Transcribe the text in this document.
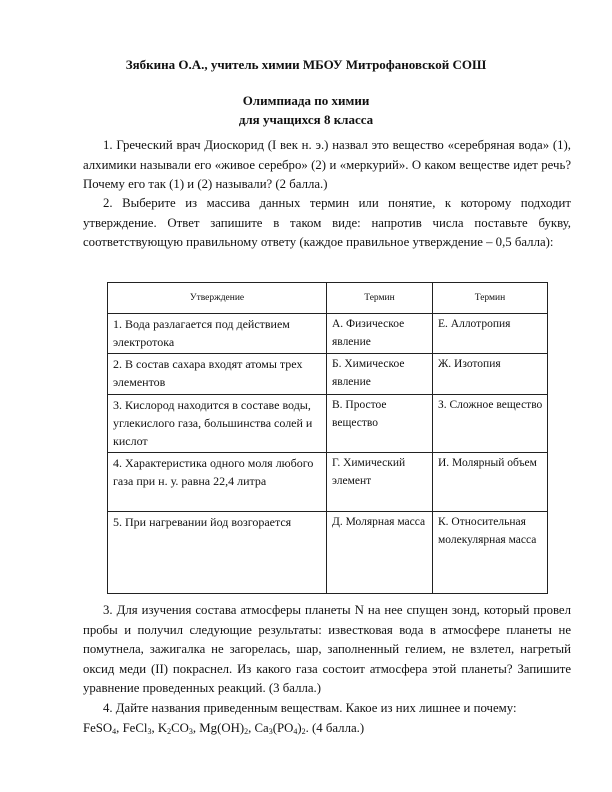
Зябкина О.А., учитель химии МБОУ Митрофановской СОШ
Олимпиада по химии
для учащихся 8 класса
1. Греческий врач Диоскорид (I век н. э.) назвал это вещество «серебряная вода» (1), алхимики называли его «живое серебро» (2) и «меркурий». О каком веществе идет речь? Почему его так (1) и (2) называли? (2 балла.)
2. Выберите из массива данных термин или понятие, к которому подходит утверждение. Ответ запишите в таком виде: напротив числа поставьте букву, соответствующую правильному ответу (каждое правильное утверждение – 0,5 балла):
Утверждение	Термин	Термин
1. Вода разлагается под действием электротока	А. Физическое явление	Е. Аллотропия
2. В состав сахара входят атомы трех элементов	Б. Химическое явление	Ж. Изотопия
3. Кислород находится в составе воды, углекислого газа, большинства солей и кислот	В. Простое вещество	З. Сложное вещество
4. Характеристика одного моля любого газа при н. у. равна 22,4 литра	Г. Химический элемент	И. Молярный объем
5. При нагревании йод возгорается	Д. Молярная масса	К. Относительная молекулярная масса
3. Для изучения состава атмосферы планеты N на нее спущен зонд, который провел пробы и получил следующие результаты: известковая вода в атмосфере планеты не помутнела, зажигалка не загорелась, шар, заполненный гелием, не взлетел, нагретый оксид меди (II) покраснел. Из какого газа состоит атмосфера этой планеты? Запишите уравнение проведенных реакций. (3 балла.)
4. Дайте названия приведенным веществам. Какое из них лишнее и почему:
FeSO$_4$, FeCl$_3$, $K_2CO_3$, $Mg(OH)_2$, $Ca_3(PO_4)_2$. (4 балла.)
